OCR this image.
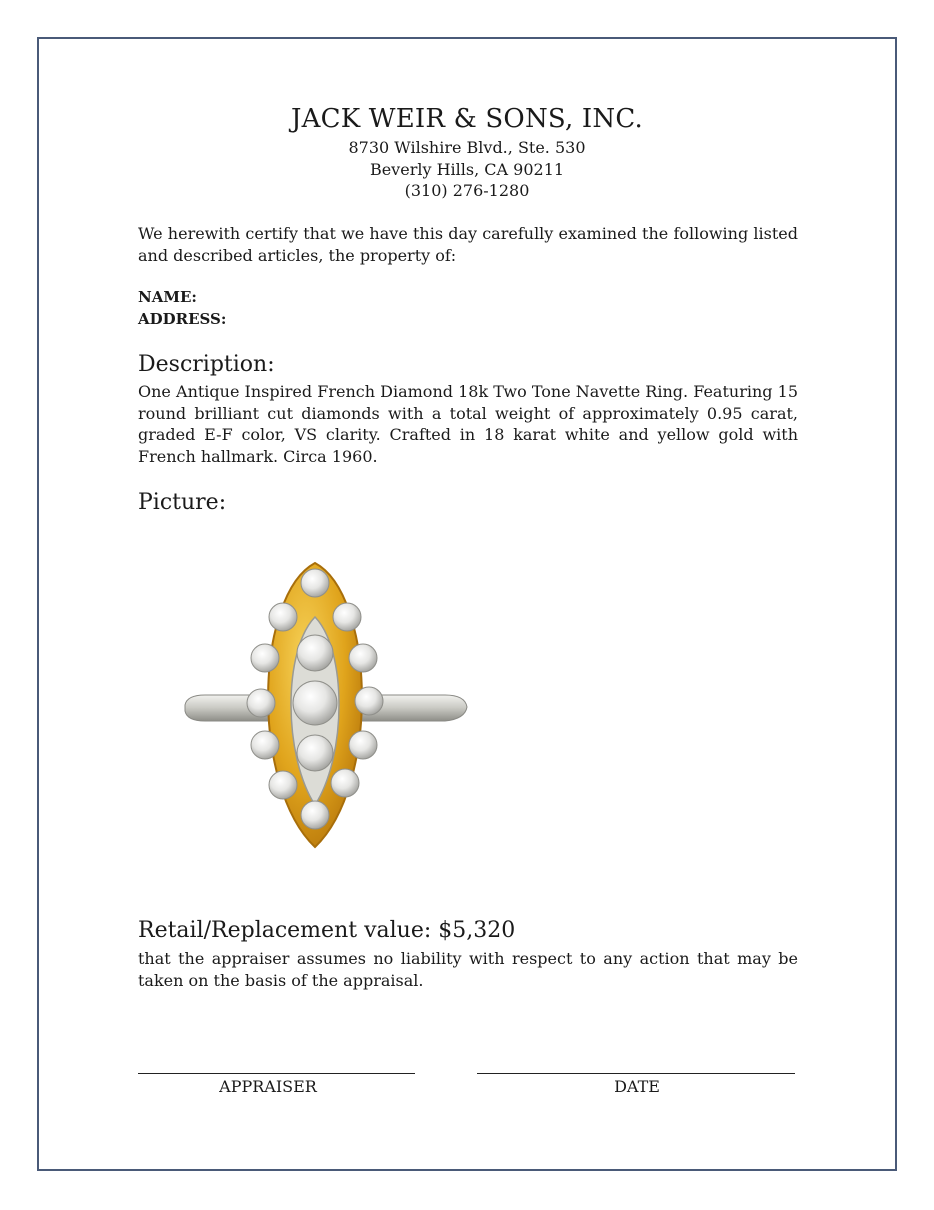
JACK WEIR & SONS, INC.
8730 Wilshire Blvd., Ste. 530
Beverly Hills, CA 90211
(310) 276-1280
We herewith certify that we have this day carefully examined the following listed and described articles, the property of:
NAME:
ADDRESS:
Description:
One Antique Inspired French Diamond 18k Two Tone Navette Ring. Featuring 15 round brilliant cut diamonds with a total weight of approximately 0.95 carat, graded E-F color, VS clarity. Crafted in 18 karat white and yellow gold with French hallmark. Circa 1960.
Picture:
Retail/Replacement value: $5,320
that the appraiser assumes no liability with respect to any action that may be taken on the basis of the appraisal.
APPRAISER	DATE
